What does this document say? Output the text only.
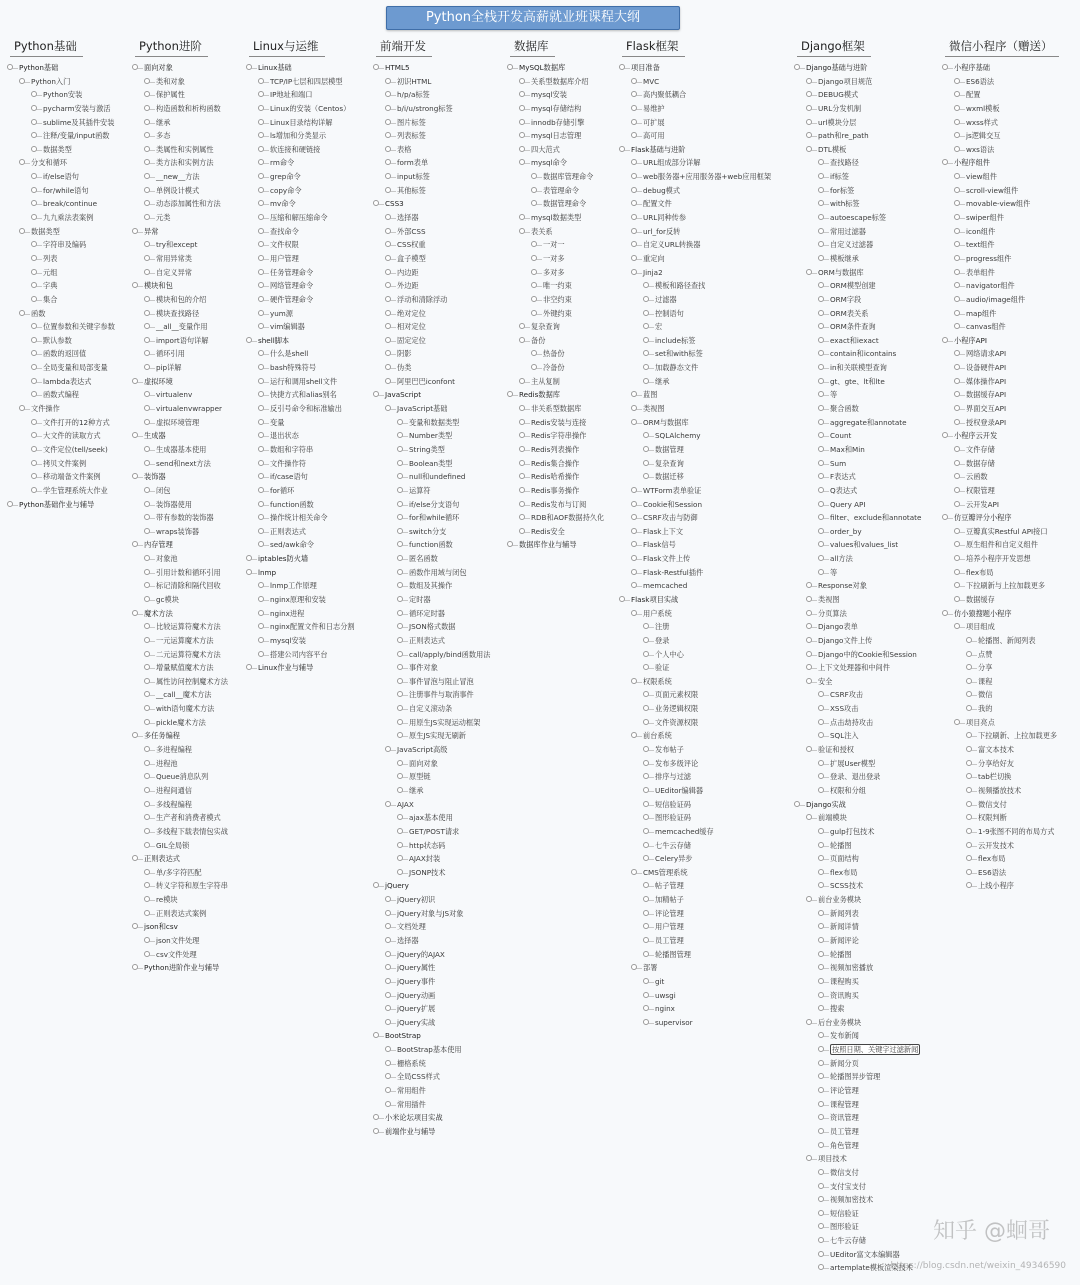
Python全栈开发高薪就业班课程大纲
Python基础
Python基础
Python入门
Python安装
pycharm安装与激活
sublime及其插件安装
注释/变量/input函数
数据类型
分支和循环
if/else语句
for/while语句
break/continue
九九乘法表案例
数据类型
字符串及编码
列表
元组
字典
集合
函数
位置参数和关键字参数
默认参数
函数的返回值
全局变量和局部变量
lambda表达式
函数式编程
文件操作
文件打开的12种方式
大文件的读取方式
文件定位(tell/seek)
拷贝文件案例
移动端备文件案例
学生管理系统大作业
Python基础作业与辅导
Python进阶
面向对象
类和对象
保护属性
构造函数和析构函数
继承
多态
类属性和实例属性
类方法和实例方法
__new__方法
单例设计模式
动态添加属性和方法
元类
异常
try和except
常用异常类
自定义异常
模块和包
模块和包的介绍
模块查找路径
__all__变量作用
import语句详解
循环引用
pip详解
虚拟环境
virtualenv
virtualenvwrapper
虚拟环境管理
生成器
生成器基本使用
send和next方法
装饰器
闭包
装饰器使用
带有参数的装饰器
wraps装饰器
内存管理
对象池
引用计数和循环引用
标记清除和隔代回收
gc模块
魔术方法
比较运算符魔术方法
一元运算魔术方法
二元运算符魔术方法
增量赋值魔术方法
属性访问控制魔术方法
__call__魔术方法
with语句魔术方法
pickle魔术方法
多任务编程
多进程编程
进程池
Queue消息队列
进程间通信
多线程编程
生产者和消费者模式
多线程下载表情包实战
GIL全局锁
正则表达式
单/多字符匹配
转义字符和原生字符串
re模块
正则表达式案例
json和csv
json文件处理
csv文件处理
Python进阶作业与辅导
Linux与运维
Linux基础
TCP/IP七层和四层模型
IP地址和端口
Linux的安装（Centos）
Linux目录结构详解
ls增加和分类显示
软连接和硬链接
rm命令
grep命令
copy命令
mv命令
压缩和解压缩命令
查找命令
文件权限
用户管理
任务管理命令
网络管理命令
硬件管理命令
yum源
vim编辑器
shell脚本
什么是shell
bash特殊符号
运行和调用shell文件
快捷方式和alias别名
反引号命令和标准输出
变量
退出状态
数组和字符串
文件操作符
if/case语句
for循环
function函数
操作统计相关命令
正则表达式
sed/awk命令
iptables防火墙
lnmp
lnmp工作原理
nginx原理和安装
nginx进程
nginx配置文件和日志分割
mysql安装
搭建公司内容平台
Linux作业与辅导
前端开发
HTML5
初识HTML
h/p/a标签
b/i/u/strong标签
图片标签
列表标签
表格
form表单
input标签
其他标签
CSS3
选择器
外部CSS
CSS权重
盒子模型
内边距
外边距
浮动和清除浮动
绝对定位
相对定位
固定定位
阴影
伪类
阿里巴巴iconfont
JavaScript
JavaScript基础
变量和数据类型
Number类型
String类型
Boolean类型
null和undefined
运算符
if/else分支语句
for和while循环
switch分支
function函数
匿名函数
函数作用域与闭包
数组及其操作
定时器
循环定时器
JSON格式数据
正则表达式
call/apply/bind函数用法
事件对象
事件冒泡与阻止冒泡
注册事件与取消事件
自定义滚动条
用原生JS实现运动框架
原生JS实现无刷新
JavaScript高级
面向对象
原型链
继承
AJAX
ajax基本使用
GET/POST请求
http状态码
AJAX封装
JSONP技术
jQuery
jQuery初识
jQuery对象与JS对象
文档处理
选择器
jQuery的AJAX
jQuery属性
jQuery事件
jQuery动画
jQuery扩展
jQuery实战
BootStrap
BootStrap基本使用
栅格系统
全局CSS样式
常用组件
常用插件
小米论坛项目实战
前端作业与辅导
数据库
MySQL数据库
关系型数据库介绍
mysql安装
mysql存储结构
innodb存储引擎
mysql日志管理
四大范式
mysql命令
数据库管理命令
表管理命令
数据管理命令
mysql数据类型
表关系
一对一
一对多
多对多
唯一约束
非空约束
外键约束
复杂查询
备份
热备份
冷备份
主从复制
Redis数据库
非关系型数据库
Redis安装与连接
Redis字符串操作
Redis列表操作
Redis集合操作
Redis哈希操作
Redis事务操作
Redis发布与订阅
RDB和AOF数据持久化
Redis安全
数据库作业与辅导
Flask框架
项目准备
MVC
高内聚低耦合
易维护
可扩展
高可用
Flask基础与进阶
URL组成部分详解
web服务器+应用服务器+web应用框架
debug模式
配置文件
URL同种传参
url_for反转
自定义URL转换器
重定向
Jinja2
模板和路径查找
过滤器
控制语句
宏
include标签
set和with标签
加载静态文件
继承
蓝图
类视图
ORM与数据库
SQLAlchemy
数据管理
复杂查询
数据迁移
WTForm表单验证
Cookie和Session
CSRF攻击与防御
Flask上下文
Flask信号
Flask文件上传
Flask-Restful插件
memcached
Flask项目实战
用户系统
注册
登录
个人中心
验证
权限系统
页面元素权限
业务逻辑权限
文件资源权限
前台系统
发布帖子
发布多级评论
排序与过滤
UEditor编辑器
短信验证码
图形验证码
memcached缓存
七牛云存储
Celery异步
CMS管理系统
帖子管理
加精帖子
评论管理
用户管理
员工管理
轮播图管理
部署
git
uwsgi
nginx
supervisor
Django框架
Django基础与进阶
Django项目规范
DEBUG模式
URL分发机制
url模块分层
path和re_path
DTL模板
查找路径
if标签
for标签
with标签
autoescape标签
常用过滤器
自定义过滤器
模板继承
ORM与数据库
ORM模型创建
ORM字段
ORM表关系
ORM条件查询
exact和iexact
contain和icontains
in和关联模型查询
gt、gte、lt和lte
等
聚合函数
aggregate和annotate
Count
Max和Min
Sum
F表达式
Q表达式
Query API
filter、exclude和annotate
order_by
values和values_list
all方法
等
Response对象
类视图
分页算法
Django表单
Django文件上传
Django中的Cookie和Session
上下文处理器和中间件
安全
CSRF攻击
XSS攻击
点击劫持攻击
SQL注入
验证和授权
扩展User模型
登录、退出登录
权限和分组
Django实战
前端模块
gulp打包技术
轮播图
页面结构
flex布局
SCSS技术
前台业务模块
新闻列表
新闻详情
新闻评论
轮播图
视频加密播放
课程购买
资讯购买
搜索
后台业务模块
发布新闻
按照日期、关键字过滤新闻
新闻分页
轮播图异步管理
评论管理
课程管理
资讯管理
员工管理
角色管理
项目技术
微信支付
支付宝支付
视频加密技术
短信验证
图形验证
七牛云存储
UEditor富文本编辑器
artemplate模板渲染技术
微信小程序（赠送）
小程序基础
ES6语法
配置
wxml模板
wxss样式
js逻辑交互
wxs语法
小程序组件
view组件
scroll-view组件
movable-view组件
swiper组件
icon组件
text组件
progress组件
表单组件
navigator组件
audio/image组件
map组件
canvas组件
小程序API
网络请求API
设备硬件API
媒体操作API
数据缓存API
界面交互API
授权登录API
小程序云开发
文件存储
数据存储
云函数
权限管理
云开发API
仿豆瓣评分小程序
豆瓣真实Restful API接口
原生组件和自定义组件
培养小程序开发思想
flex布局
下拉刷新与上拉加载更多
数据缓存
仿小猿搜题小程序
项目组成
轮播图、新闻列表
点赞
分享
课程
微信
我的
项目亮点
下拉刷新、上拉加载更多
富文本技术
分享给好友
tab栏切换
视频播放技术
微信支付
权限判断
1-9张图不同的布局方式
云开发技术
flex布局
ES6语法
上线小程序
知乎 @蛔哥
https://blog.csdn.net/weixin_49346590
